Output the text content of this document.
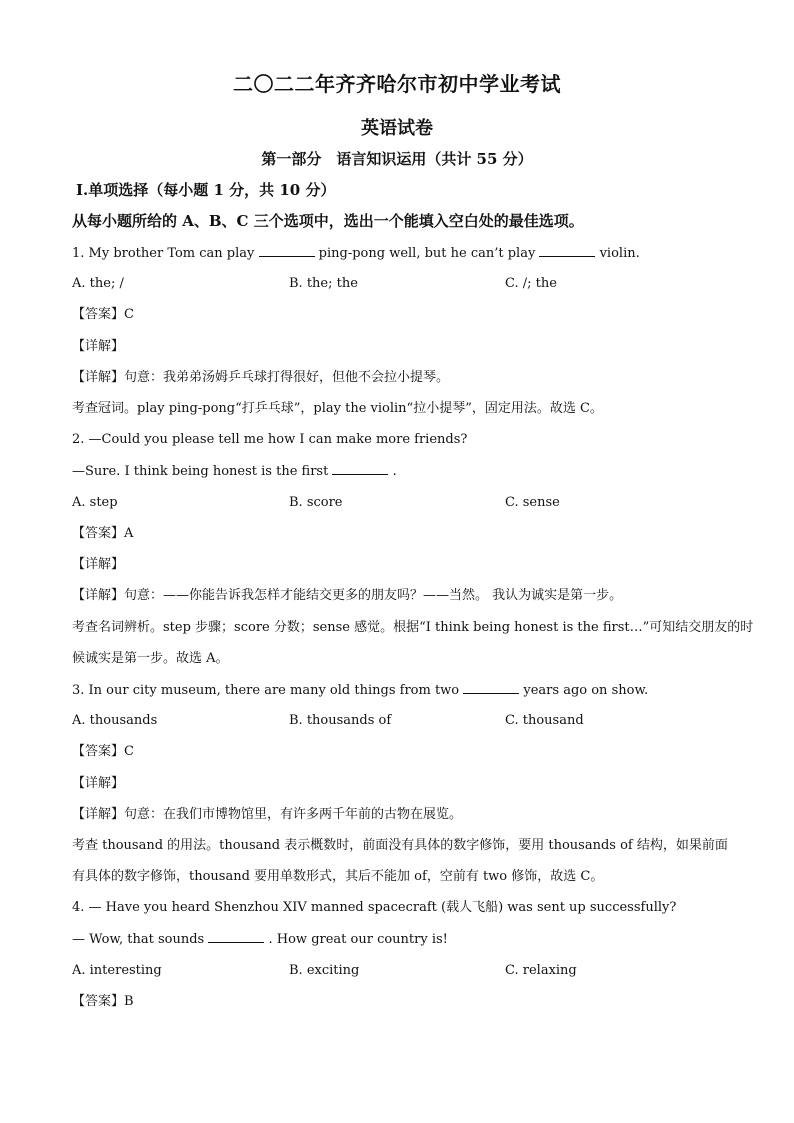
二〇二二年齐齐哈尔市初中学业考试
英语试卷
第一部分　语言知识运用（共计 55 分）
Ⅰ.单项选择（每小题 1 分，共 10 分）
从每小题所给的 A、B、C 三个选项中，选出一个能填入空白处的最佳选项。
1. My brother Tom can play	ping-pong well, but he can’t play	violin.
A. the; /	B. the; the	C. /; the
【答案】C
【详解】
【详解】句意：我弟弟汤姆乒乓球打得很好，但他不会拉小提琴。
考查冠词。play ping-pong“打乒乓球”，play the violin“拉小提琴”，固定用法。故选 C。
2. —Could you please tell me how I can make more friends?
—Sure. I think being honest is the first	.
A. step	B. score	C. sense
【答案】A
【详解】
【详解】句意：——你能告诉我怎样才能结交更多的朋友吗？——当然。 我认为诚实是第一步。
考查名词辨析。step 步骤；score 分数；sense 感觉。根据“I think being honest is the first…”可知结交朋友的时
候诚实是第一步。故选 A。
3. In our city museum, there are many old things from two	years ago on show.
A. thousands	B. thousands of	C. thousand
【答案】C
【详解】
【详解】句意：在我们市博物馆里，有许多两千年前的古物在展览。
考查 thousand 的用法。thousand 表示概数时，前面没有具体的数字修饰，要用 thousands of 结构，如果前面
有具体的数字修饰，thousand 要用单数形式，其后不能加 of，空前有 two 修饰，故选 C。
4. — Have you heard Shenzhou XIV manned spacecraft (载人飞船) was sent up successfully?
— Wow, that sounds	. How great our country is!
A. interesting	B. exciting	C. relaxing
【答案】B
